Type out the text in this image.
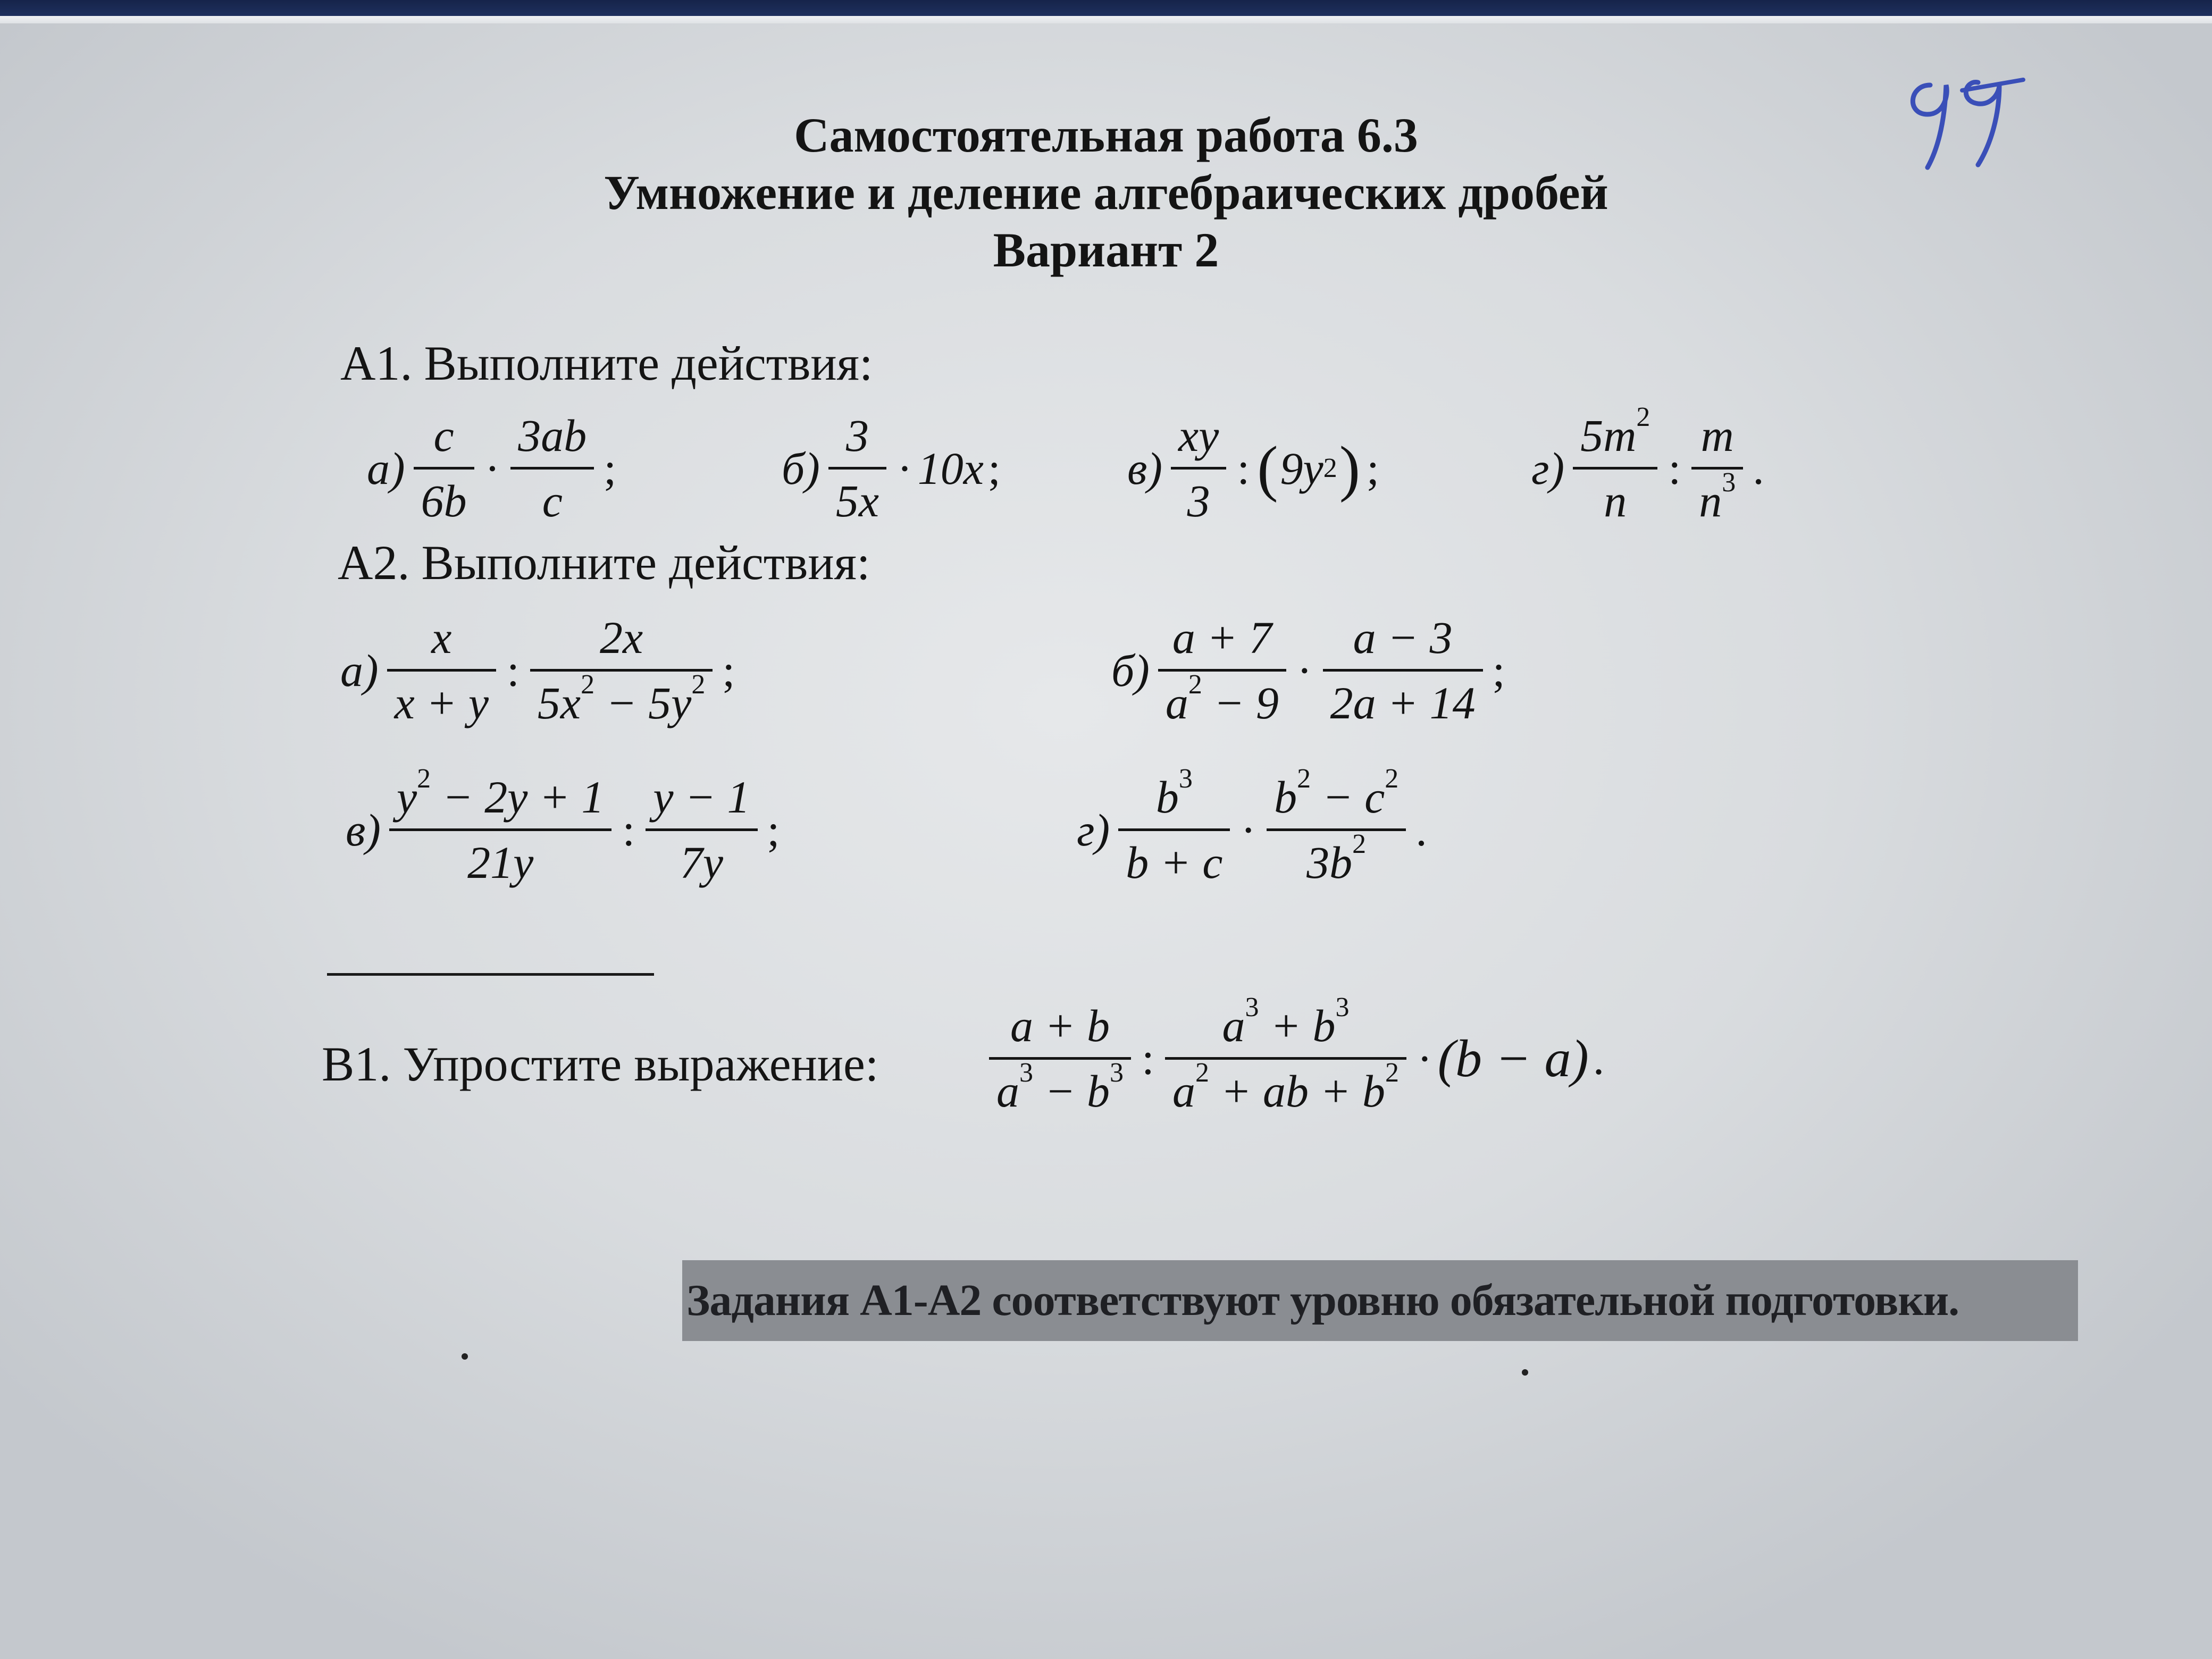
Самостоятельная работа 6.3
Умножение и деление алгебраических дробей
Вариант 2
А1. Выполните действия:
а)
c
6b
·
3ab
c
;	б)
3
5x
· 10x ;	в)
xy
3
: ( 9y 2 ) ;	г)
$5m^2$
n
:
m
$n^3$ .
А2. Выполните действия:
а)
x
x + y
:
2x
$5x^2 - 5y^2$ ;	б)
a + 7
$a^2 - 9$
·
a − 3
2a + 14
;
в)
$y^2 - 2y + 1$
21y
:
y − 1
7y
;	г)
$b^3$
b + c
·
$b^2 - c^2$
$3b^2$ .
В1. Упростите выражение:
a + b
$a^3 - b^3$ :
$a^3 + b^3$
$a^2$ + ab + $b^2 \cdot (b - a)$ .
Задания А1-А2 соответствуют уровню обязательной подготовки.
